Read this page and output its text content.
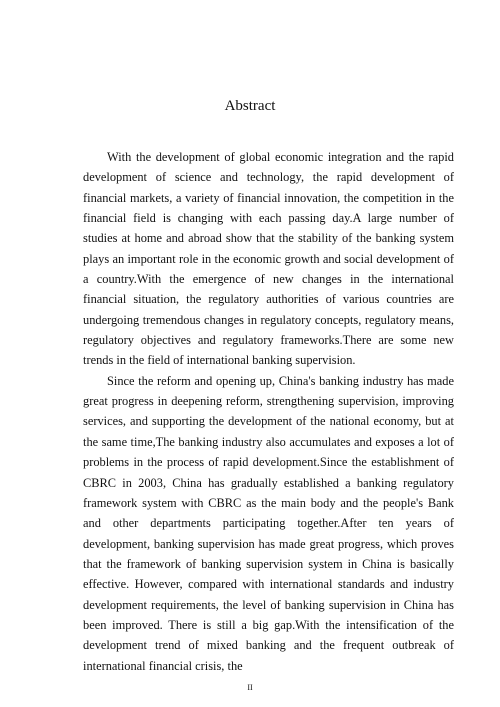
Abstract

With the development of global economic integration and the rapid development of science and technology, the rapid development of financial markets, a variety of financial innovation, the competition in the financial field is changing with each passing day.A large number of studies at home and abroad show that the stability of the banking system plays an important role in the economic growth and social development of a country.With the emergence of new changes in the international financial situation, the regulatory authorities of various countries are undergoing tremendous changes in regulatory concepts, regulatory means, regulatory objectives and regulatory frameworks.There are some new trends in the field of international banking supervision.

Since the reform and opening up, China's banking industry has made great progress in deepening reform, strengthening supervision, improving services, and supporting the development of the national economy, but at the same time,The banking industry also accumulates and exposes a lot of problems in the process of rapid development.Since the establishment of CBRC in 2003, China has gradually established a banking regulatory framework system with CBRC as the main body and the people's Bank and other departments participating together.After ten years of development, banking supervision has made great progress, which proves that the framework of banking supervision system in China is basically effective. However, compared with international standards and industry development requirements, the level of banking supervision in China has been improved. There is still a big gap.With the intensification of the development trend of mixed banking and the frequent outbreak of international financial crisis, the

II
